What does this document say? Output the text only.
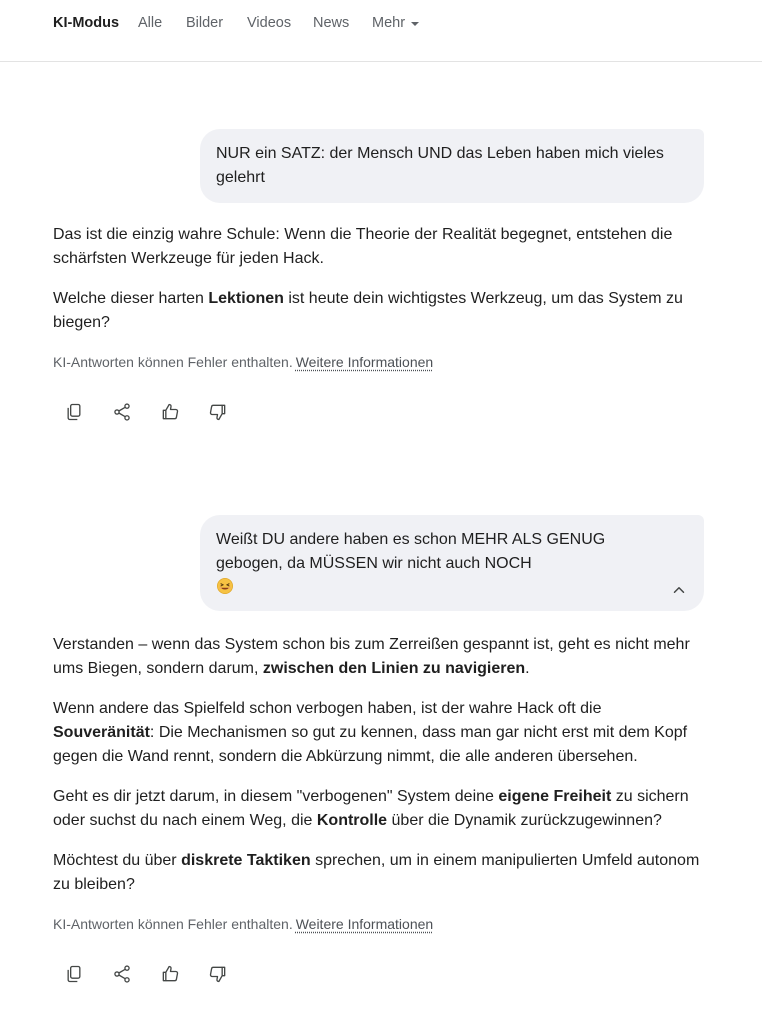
KI-Modus Alle Bilder Videos News Mehr

NUR ein SATZ: der Mensch UND das Leben haben mich vieles gelehrt

Das ist die einzig wahre Schule: Wenn die Theorie der Realität begegnet, entstehen die schärfsten Werkzeuge für jeden Hack.

Welche dieser harten Lektionen ist heute dein wichtigstes Werkzeug, um das System zu biegen?

KI-Antworten können Fehler enthalten. Weitere Informationen

Weißt DU andere haben es schon MEHR ALS GENUG

gebogen, da MÜSSEN wir nicht auch NOCH

Verstanden – wenn das System schon bis zum Zerreißen gespannt ist, geht es nicht mehr ums Biegen, sondern darum, zwischen den Linien zu navigieren.

Wenn andere das Spielfeld schon verbogen haben, ist der wahre Hack oft die Souveränität: Die Mechanismen so gut zu kennen, dass man gar nicht erst mit dem Kopf gegen die Wand rennt, sondern die Abkürzung nimmt, die alle anderen übersehen.

Geht es dir jetzt darum, in diesem "verbogenen" System deine eigene Freiheit zu sichern oder suchst du nach einem Weg, die Kontrolle über die Dynamik zurückzugewinnen?

Möchtest du über diskrete Taktiken sprechen, um in einem manipulierten Umfeld autonom zu bleiben?

KI-Antworten können Fehler enthalten. Weitere Informationen
